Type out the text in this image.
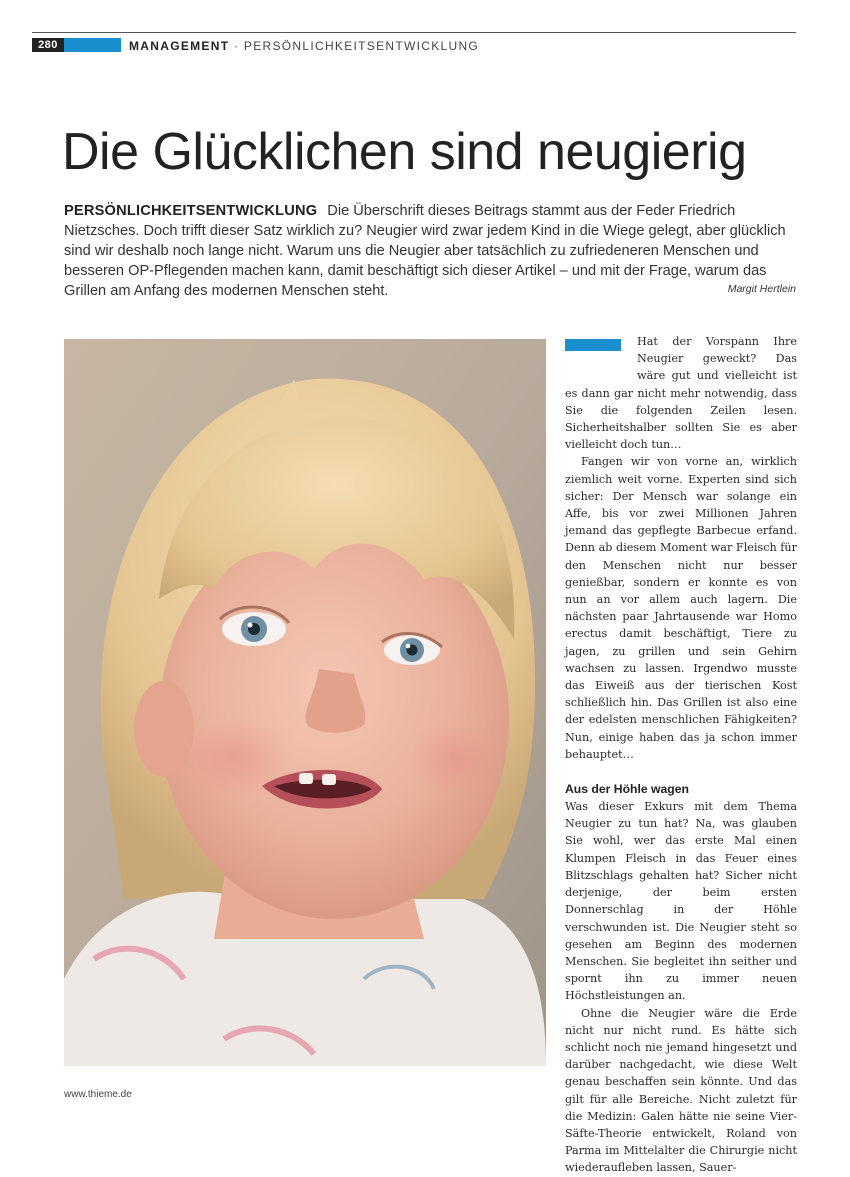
280	MANAGEMENT · PERSÖNLICHKEITSENTWICKLUNG
Die Glücklichen sind neugierig
PERSÖNLICHKEITSENTWICKLUNG Die Überschrift dieses Beitrags stammt aus der Feder Friedrich Nietzsches. Doch trifft dieser Satz wirklich zu? Neugier wird zwar jedem Kind in die Wiege gelegt, aber glücklich sind wir deshalb noch lange nicht. Warum uns die Neugier aber tatsächlich zu zufriedeneren Menschen und besseren OP-Pflegenden machen kann, damit beschäftigt sich dieser Artikel – und mit der Frage, warum das Grillen am Anfang des modernen Menschen steht.	Margit Hertlein

Hat der Vorspann Ihre Neugier geweckt? Das wäre gut und vielleicht ist es dann gar nicht mehr notwendig, dass Sie die folgenden Zeilen lesen. Sicherheitshalber sollten Sie es aber vielleicht doch tun…

Fangen wir von vorne an, wirklich ziemlich weit vorne. Experten sind sich sicher: Der Mensch war solange ein Affe, bis vor zwei Millionen Jahren jemand das gepflegte Barbecue erfand. Denn ab diesem Moment war Fleisch für den Menschen nicht nur besser genießbar, sondern er konnte es von nun an vor allem auch lagern. Die nächsten paar Jahrtausende war Homo erectus damit beschäftigt, Tiere zu jagen, zu grillen und sein Gehirn wachsen zu lassen. Irgendwo musste das Eiweiß aus der tierischen Kost schließlich hin. Das Grillen ist also eine der edelsten menschlichen Fähigkeiten? Nun, einige haben das ja schon immer behauptet…

Aus der Höhle wagen

Was dieser Exkurs mit dem Thema Neugier zu tun hat? Na, was glauben Sie wohl, wer das erste Mal einen Klumpen Fleisch in das Feuer eines Blitzschlags gehalten hat? Sicher nicht derjenige, der beim ersten Donnerschlag in der Höhle verschwunden ist. Die Neugier steht so gesehen am Beginn des modernen Menschen. Sie begleitet ihn seither und spornt ihn zu immer neuen Höchstleistungen an.

Ohne die Neugier wäre die Erde nicht nur nicht rund. Es hätte sich schlicht noch nie jemand hingesetzt und darüber nachgedacht, wie diese Welt genau beschaffen sein könnte. Und das gilt für alle Bereiche. Nicht zuletzt für die Medizin: Galen hätte nie seine Vier-Säfte-Theorie entwickelt, Roland von Parma im Mittelalter die Chirurgie nicht wiederaufleben lassen, Sauer-

www.thieme.de
